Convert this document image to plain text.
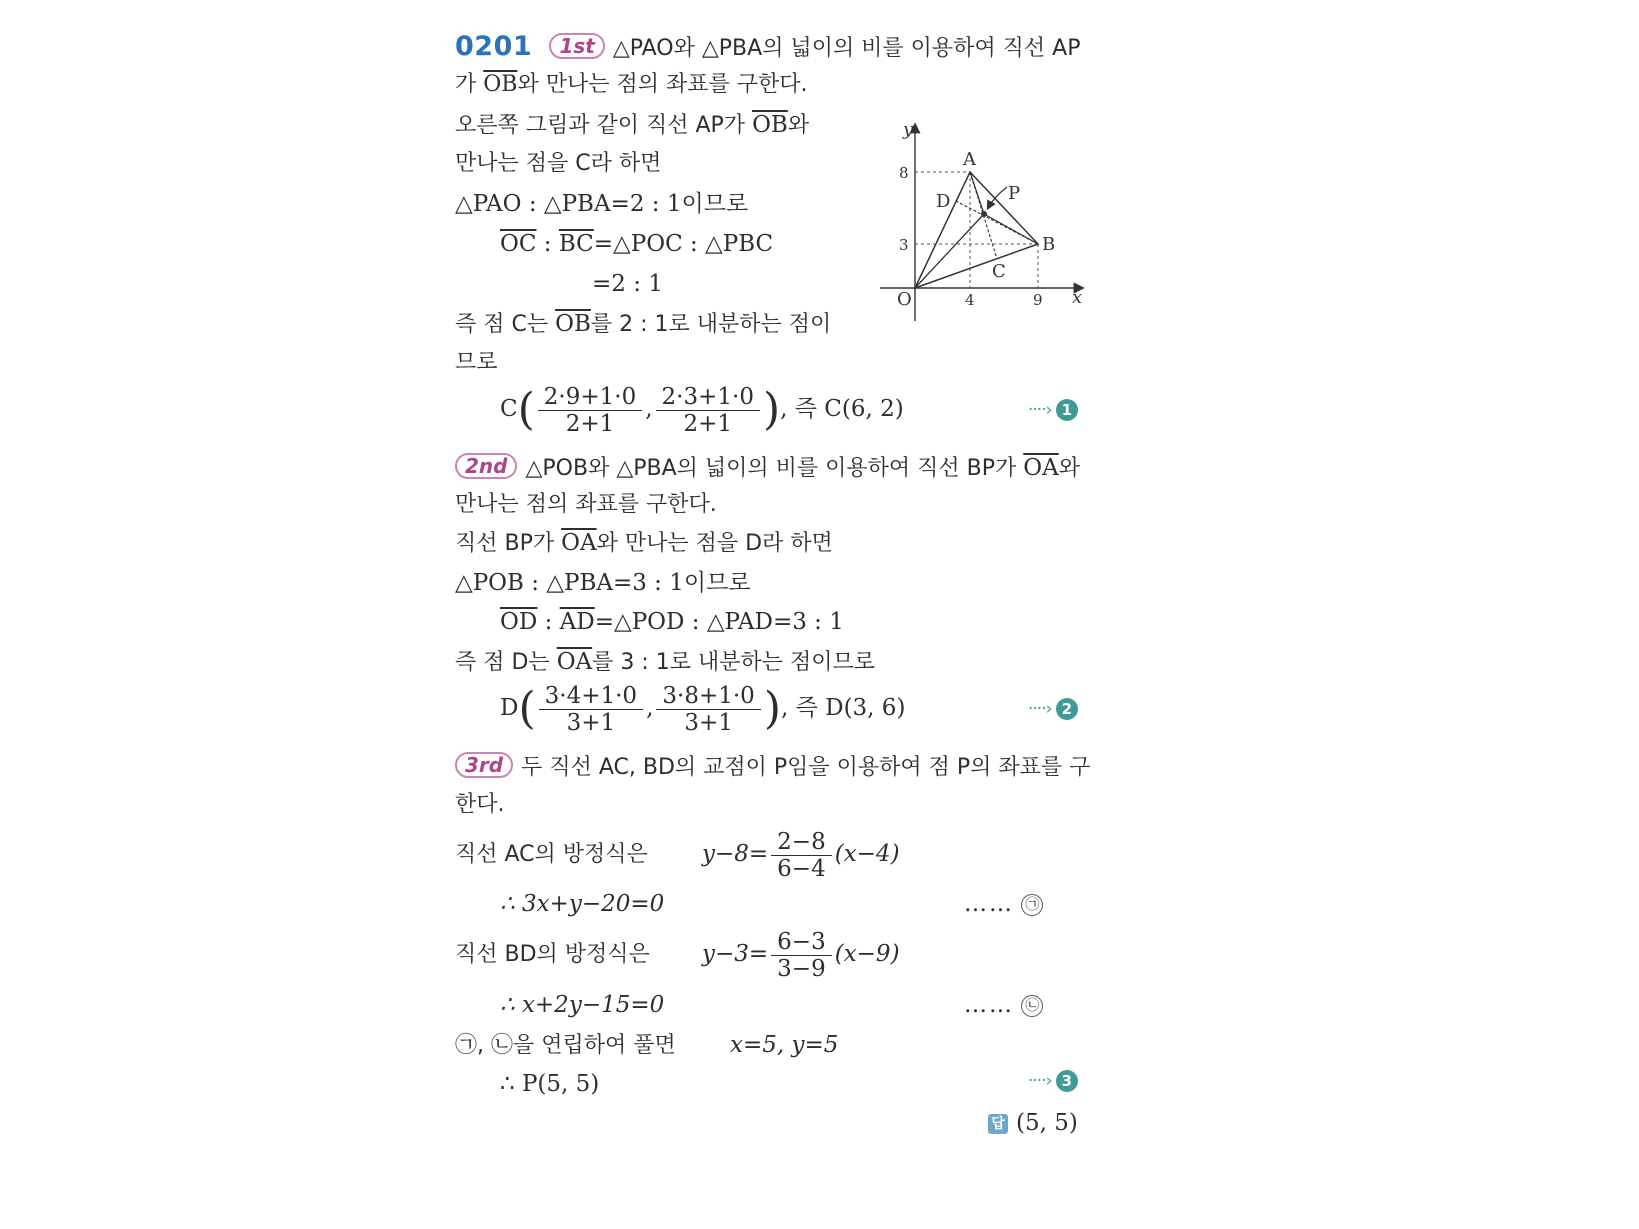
0201 1st △PAO와 △PBA의 넓이의 비를 이용하여 직선 AP
가 $\overline{OB}$와 만나는 점의 좌표를 구한다.
오른쪽 그림과 같이 직선 AP가 $\overline{OB}$와
만나는 점을 C라 하면
△PAO : △PBA=2 : 1이므로
$\overline{OC}$ : $\overline{BC}=\triangle POC$ : △PBC
=2 : 1
즉 점 C는 $\overline{OB}$를 2 : 1로 내분하는 점이
므로
$C( \frac{2\cdot 9+1\cdot 0}{2+1}$ , $\frac{2\cdot 3+1\cdot 0}{2+1}$ ), 즉 C(6, 2)	····› 1
y
x
O
A
B
C
D	P
8
3
4	9
2nd △POB와 △PBA의 넓이의 비를 이용하여 직선 BP가 $\overline{OA}$와
만나는 점의 좌표를 구한다.
직선 BP가 $\overline{OA}$와 만나는 점을 D라 하면
△POB : △PBA=3 : 1이므로
$\overline{OD}$ : $\overline{AD}=\triangle POD$ : △PAD=3 : 1
즉 점 D는 $\overline{OA}$를 3 : 1로 내분하는 점이므로
$D( \frac{3\cdot 4+1\cdot 0}{3+1}$ , $\frac{3\cdot 8+1\cdot 0}{3+1}$ ), 즉 D(3, 6)	····› 2
3rd 두 직선 AC, BD의 교점이 P임을 이용하여 점 P의 좌표를 구
한다.
직선 AC의 방정식은 $y-8= \frac{2-8}{6-4} (x-4)$
∴ 3x+y−20=0	…… ㉠
직선 BD의 방정식은 $y-3= \frac{6-3}{3-9} (x-9)$
∴ x+2y−15=0	…… ㉡
㉠, ㉡을 연립하여 풀면 x=5, y=5
∴ P(5, 5)	····› 3
답 (5, 5)
